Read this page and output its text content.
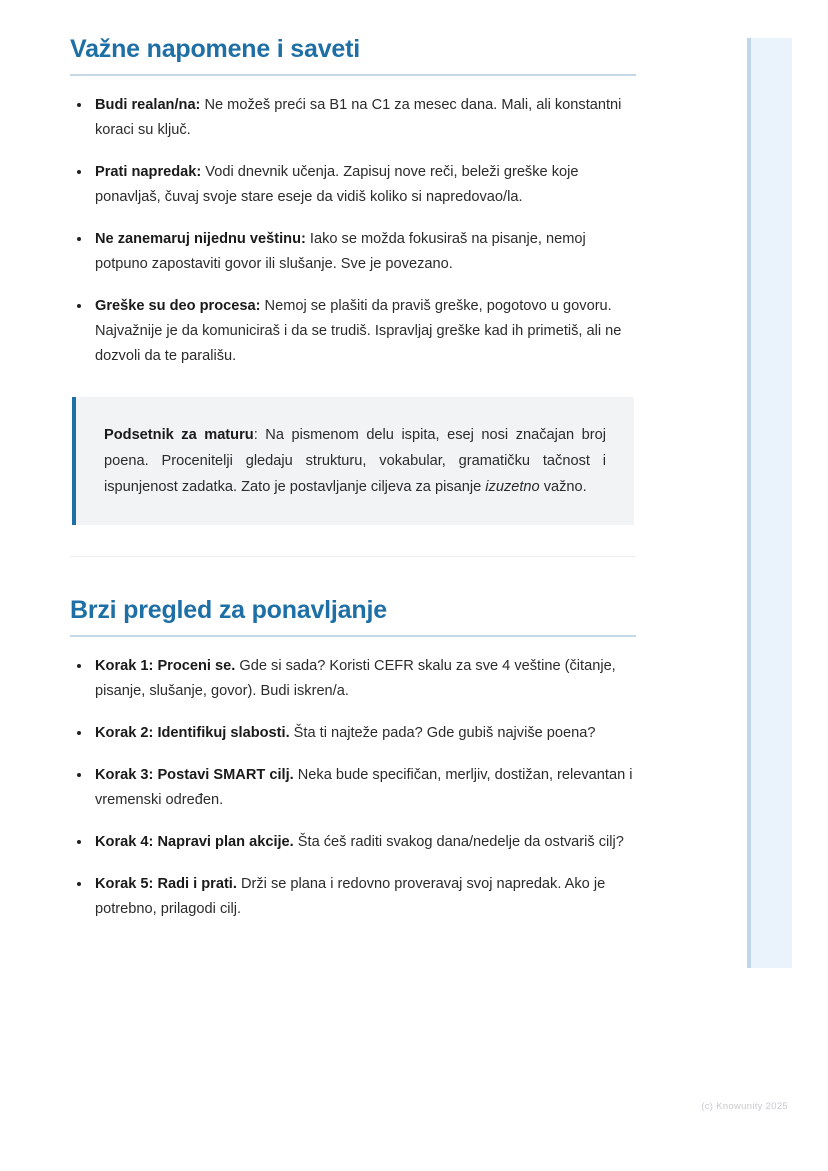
Važne napomene i saveti
Budi realan/na: Ne možeš preći sa B1 na C1 za mesec dana. Mali, ali konstantni koraci su ključ.
Prati napredak: Vodi dnevnik učenja. Zapisuj nove reči, beleži greške koje ponavljaš, čuvaj svoje stare eseje da vidiš koliko si napredovao/la.
Ne zanemaruj nijednu veštinu: Iako se možda fokusiraš na pisanje, nemoj potpuno zapostaviti govor ili slušanje. Sve je povezano.
Greške su deo procesa: Nemoj se plašiti da praviš greške, pogotovo u govoru. Najvažnije je da komuniciraš i da se trudiš. Ispravljaj greške kad ih primetiš, ali ne dozvoli da te parališu.

Podsetnik za maturu: Na pismenom delu ispita, esej nosi značajan broj poena. Procenitelji gledaju strukturu, vokabular, gramatičku tačnost i ispunjenost zadatka. Zato je postavljanje ciljeva za pisanje izuzetno važno.

Brzi pregled za ponavljanje
Korak 1: Proceni se. Gde si sada? Koristi CEFR skalu za sve 4 veštine (čitanje, pisanje, slušanje, govor). Budi iskren/a.
Korak 2: Identifikuj slabosti. Šta ti najteže pada? Gde gubiš najviše poena?
Korak 3: Postavi SMART cilj. Neka bude specifičan, merljiv, dostižan, relevantan i vremenski određen.
Korak 4: Napravi plan akcije. Šta ćeš raditi svakog dana/nedelje da ostvariš cilj?
Korak 5: Radi i prati. Drži se plana i redovno proveravaj svoj napredak. Ako je potrebno, prilagodi cilj.
(c) Knowunity 2025
